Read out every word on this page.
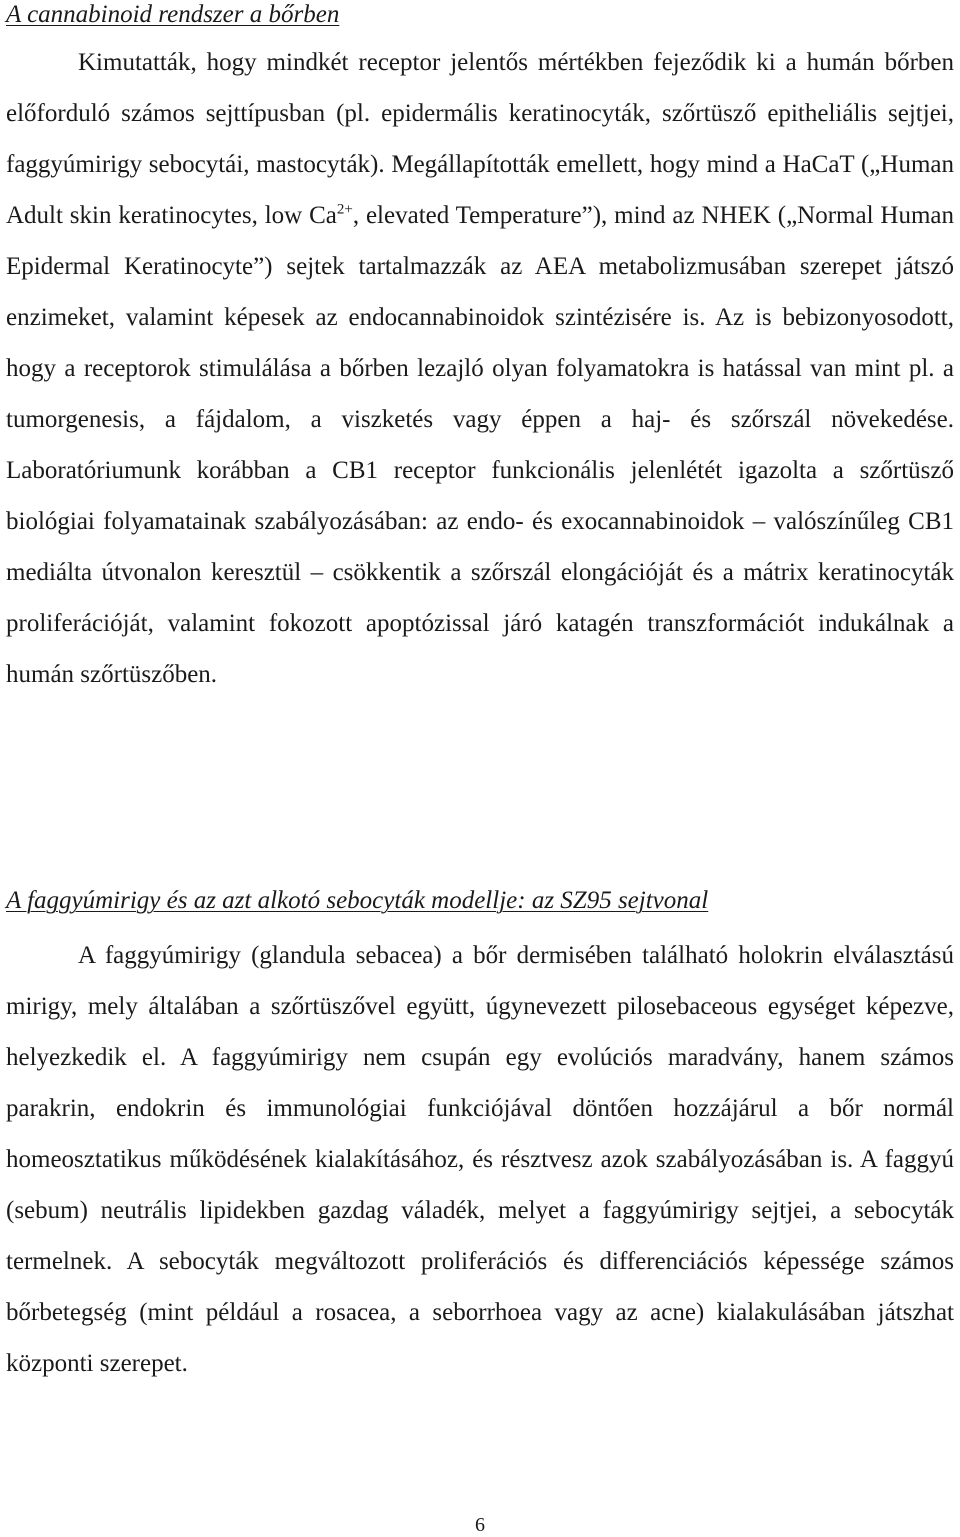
A cannabinoid rendszer a bőrben

Kimutatták, hogy mindkét receptor jelentős mértékben fejeződik ki a humán bőrben előforduló számos sejttípusban (pl. epidermális keratinocyták, szőrtüsző epitheliális sejtjei, faggyúmirigy sebocytái, mastocyták). Megállapították emellett, hogy mind a HaCaT („Human Adult skin keratinocytes, low $Ca^{2+}$, elevated Temperature”), mind az NHEK („Normal Human Epidermal Keratinocyte”) sejtek tartalmazzák az AEA metabolizmusában szerepet játszó enzimeket, valamint képesek az endocannabinoidok szintézisére is. Az is bebizonyosodott, hogy a receptorok stimulálása a bőrben lezajló olyan folyamatokra is hatással van mint pl. a tumorgenesis, a fájdalom, a viszketés vagy éppen a haj- és szőrszál növekedése. Laboratóriumunk korábban a CB1 receptor funkcionális jelenlétét igazolta a szőrtüsző biológiai folyamatainak szabályozásában: az endo- és exocannabinoidok – valószínűleg CB1 mediálta útvonalon keresztül – csökkentik a szőrszál elongációját és a mátrix keratinocyták proliferációját, valamint fokozott apoptózissal járó katagén transzformációt indukálnak a humán szőrtüszőben.

A faggyúmirigy és az azt alkotó sebocyták modellje: az SZ95 sejtvonal

A faggyúmirigy (glandula sebacea) a bőr dermisében található holokrin elválasztású mirigy, mely általában a szőrtüszővel együtt, úgynevezett pilosebaceous egységet képezve, helyezkedik el. A faggyúmirigy nem csupán egy evolúciós maradvány, hanem számos parakrin, endokrin és immunológiai funkciójával döntően hozzájárul a bőr normál homeosztatikus működésének kialakításához, és résztvesz azok szabályozásában is. A faggyú (sebum) neutrális lipidekben gazdag váladék, melyet a faggyúmirigy sejtjei, a sebocyták termelnek. A sebocyták megváltozott proliferációs és differenciációs képessége számos bőrbetegség (mint például a rosacea, a seborrhoea vagy az acne) kialakulásában játszhat központi szerepet.

6
